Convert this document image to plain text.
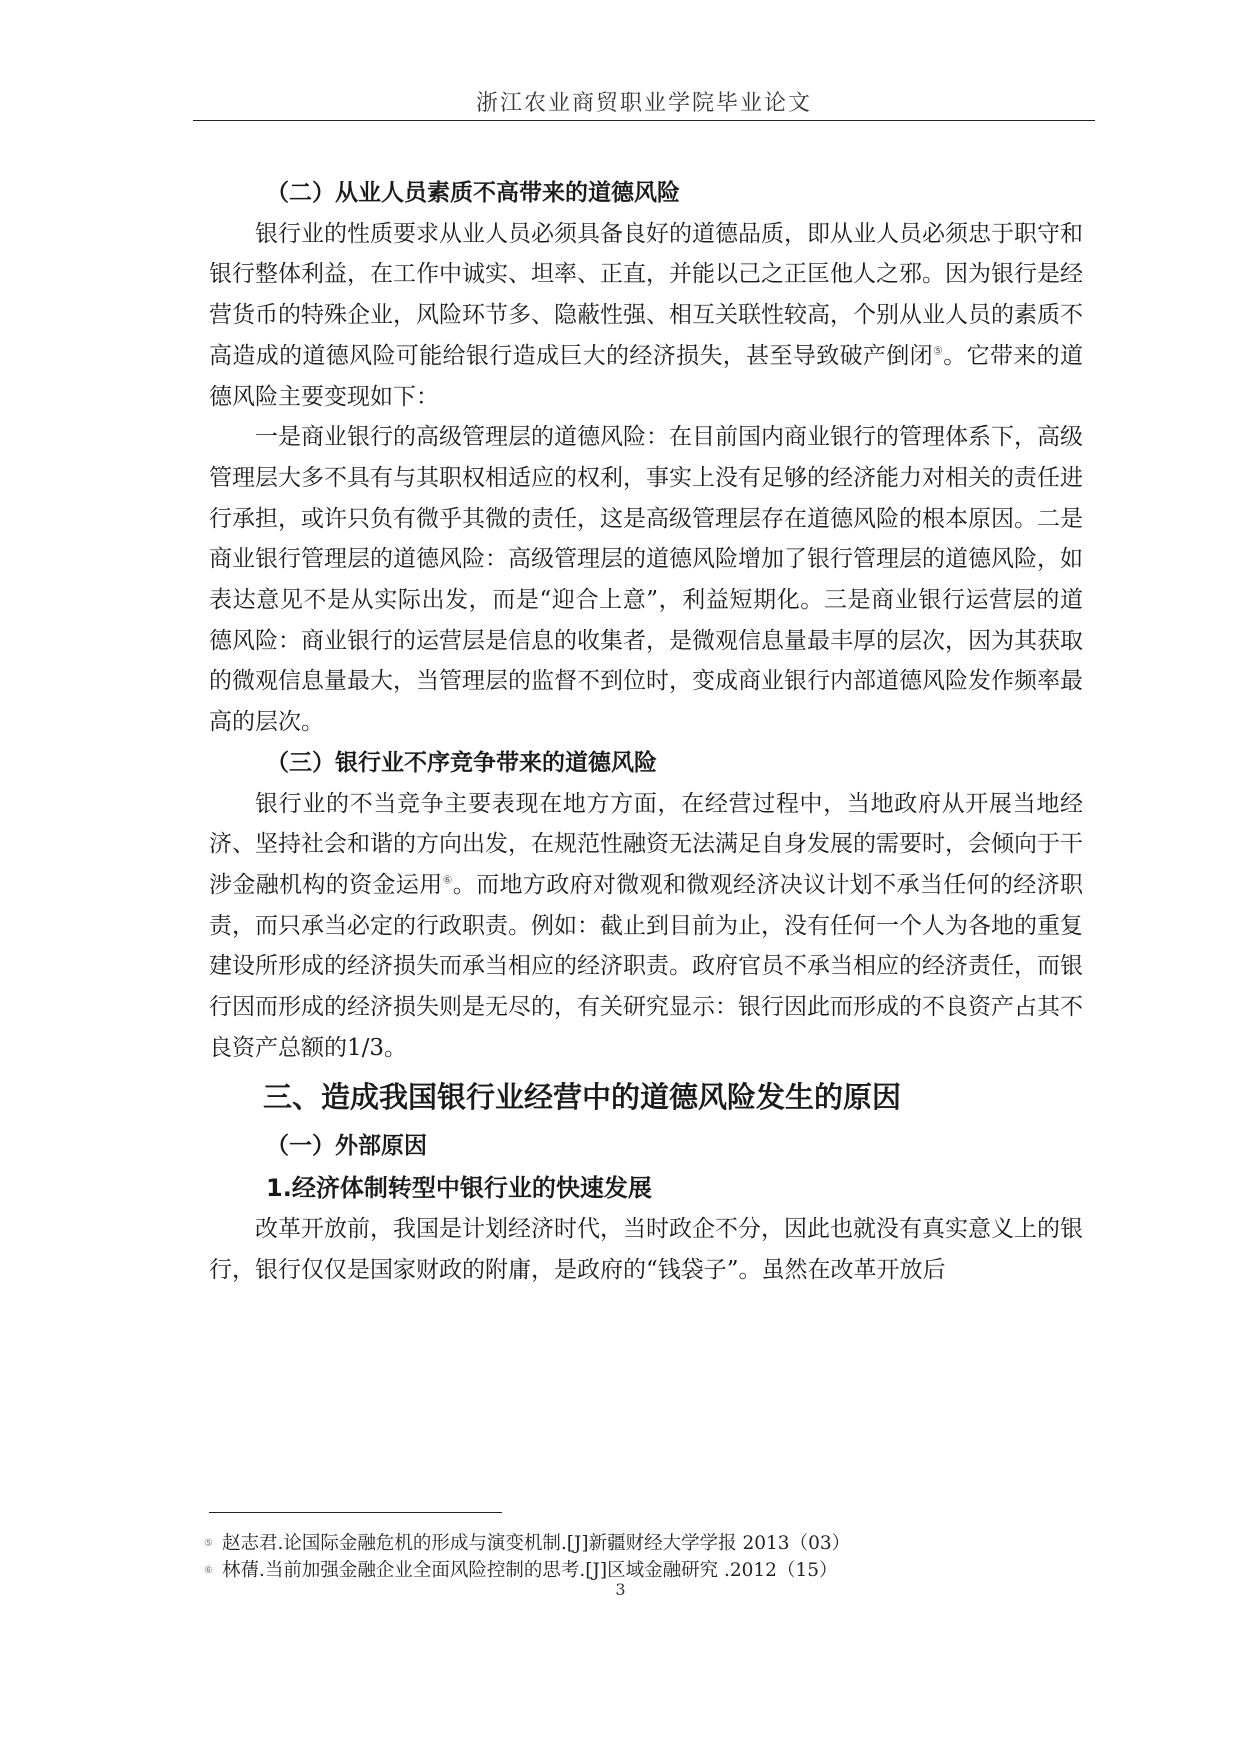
浙江农业商贸职业学院毕业论文
（二）从业人员素质不高带来的道德风险

银行业的性质要求从业人员必须具备良好的道德品质，即从业人员必须忠于职守和银行整体利益，在工作中诚实、坦率、正直，并能以己之正匡他人之邪。因为银行是经营货币的特殊企业，风险环节多、隐蔽性强、相互关联性较高，个别从业人员的素质不高造成的道德风险可能给银行造成巨大的经济损失，甚至导致破产倒闭⑤。它带来的道德风险主要变现如下：

一是商业银行的高级管理层的道德风险：在目前国内商业银行的管理体系下，高级管理层大多不具有与其职权相适应的权利，事实上没有足够的经济能力对相关的责任进行承担，或许只负有微乎其微的责任，这是高级管理层存在道德风险的根本原因。二是商业银行管理层的道德风险：高级管理层的道德风险增加了银行管理层的道德风险，如表达意见不是从实际出发，而是“迎合上意”，利益短期化。三是商业银行运营层的道德风险：商业银行的运营层是信息的收集者，是微观信息量最丰厚的层次，因为其获取的微观信息量最大，当管理层的监督不到位时，变成商业银行内部道德风险发作频率最高的层次。

（三）银行业不序竞争带来的道德风险

银行业的不当竞争主要表现在地方方面，在经营过程中，当地政府从开展当地经济、坚持社会和谐的方向出发，在规范性融资无法满足自身发展的需要时，会倾向于干涉金融机构的资金运用⑥。而地方政府对微观和微观经济决议计划不承当任何的经济职责，而只承当必定的行政职责。例如：截止到目前为止，没有任何一个人为各地的重复建设所形成的经济损失而承当相应的经济职责。政府官员不承当相应的经济责任，而银行因而形成的经济损失则是无尽的，有关研究显示：银行因此而形成的不良资产占其不良资产总额的1/3。

三、造成我国银行业经营中的道德风险发生的原因
（一）外部原因
1.经济体制转型中银行业的快速发展

改革开放前，我国是计划经济时代，当时政企不分，因此也就没有真实意义上的银行，银行仅仅是国家财政的附庸，是政府的“钱袋子”。虽然在改革开放后

⑤ 赵志君.论国际金融危机的形成与演变机制.[J]新疆财经大学学报 2013（03）
⑥ 林蒨.当前加强金融企业全面风险控制的思考.[J]区域金融研究 .2012（15）
3
